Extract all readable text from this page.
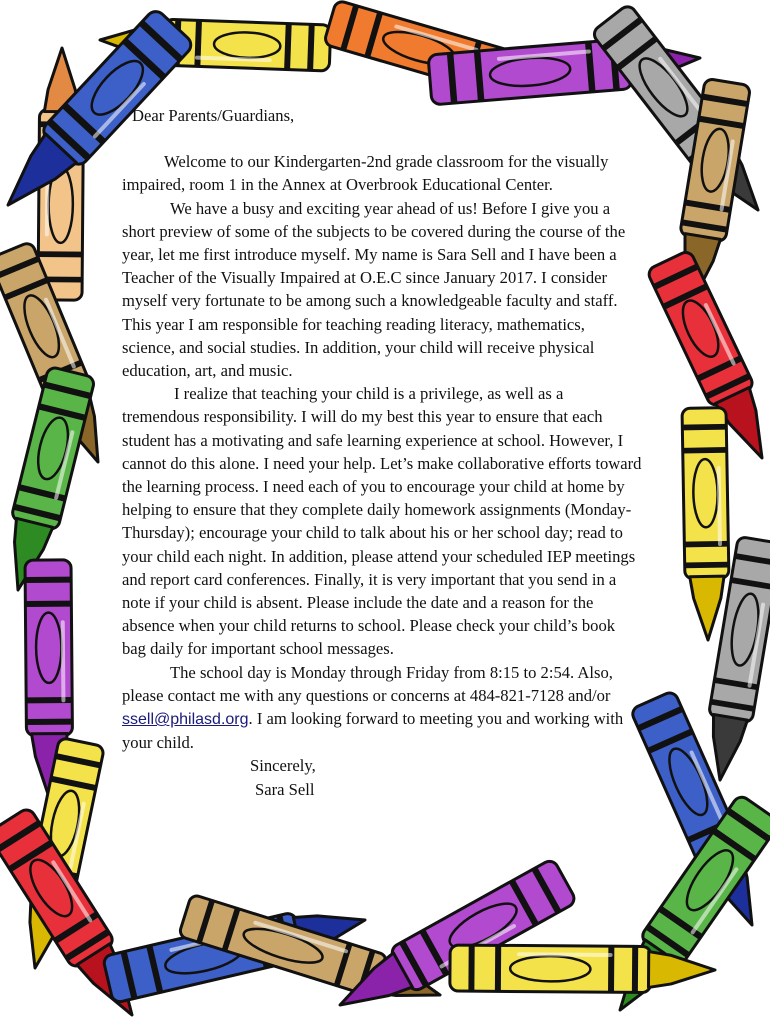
Dear Parents/Guardians,

Welcome to our Kindergarten-2nd grade classroom for the visually impaired, room 1 in the Annex at Overbrook Educational Center.

We have a busy and exciting year ahead of us! Before I give you a short preview of some of the subjects to be covered during the course of the year, let me first introduce myself. My name is Sara Sell and I have been a Teacher of the Visually Impaired at O.E.C since January 2017. I consider myself very fortunate to be among such a knowledgeable faculty and staff. This year I am responsible for teaching reading literacy, mathematics, science, and social studies. In addition, your child will receive physical education, art, and music.

I realize that teaching your child is a privilege, as well as a tremendous responsibility. I will do my best this year to ensure that each student has a motivating and safe learning experience at school. However, I cannot do this alone. I need your help. Let’s make collaborative efforts toward the learning process. I need each of you to encourage your child at home by helping to ensure that they complete daily homework assignments (Monday-Thursday); encourage your child to talk about his or her school day; read to your child each night. In addition, please attend your scheduled IEP meetings and report card conferences. Finally, it is very important that you send in a note if your child is absent. Please include the date and a reason for the absence when your child returns to school. Please check your child’s book bag daily for important school messages.

The school day is Monday through Friday from 8:15 to 2:54. Also, please contact me with any questions or concerns at 484-821-7128 and/or ssell@philasd.org. I am looking forward to meeting you and working with your child.

Sincerely,

Sara Sell
